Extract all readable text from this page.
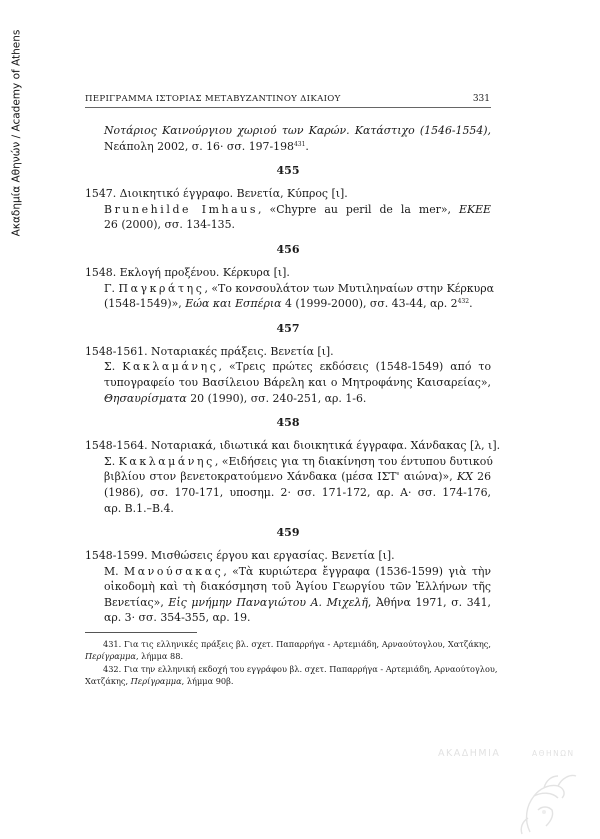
Ακαδημία Αθηνών / Academy of Athens	ΠΕΡΙΓΡΑΜΜΑ ΙΣΤΟΡΙΑΣ ΜΕΤΑΒΥΖΑΝΤΙΝΟΥ ΔΙΚΑΙΟΥ	331
Νοτάριος Καινούργιου χωριού των Καρών. Κατάστιχο (1546-1554),
Νεάπολη 2002, σ. 16· σσ. $197-198^{431}$.
455
1547. Διοικητικό έγγραφο. Βενετία, Κύπρος [ι].
Brunehilde Imhaus, «Chypre au peril de la mer», ΕΚΕΕ
26 (2000), σσ. 134-135.
456
1548. Εκλογή προξένου. Κέρκυρα [ι].
Γ. Παγκράτης, «Το κονσουλάτον των Μυτιληναίων στην Κέρκυρα
(1548-1549)», Εώα και Εσπέρια 4 (1999-2000), σσ. 43-44, αρ. $2^{432}$.
457
1548-1561. Νοταριακές πράξεις. Βενετία [ι].
Σ. Κακλαμάνης, «Τρεις πρώτες εκδόσεις (1548-1549) από το
τυπογραφείο του Βασίλειου Βάρελη και ο Μητροφάνης Καισαρείας»,
Θησαυρίσματα 20 (1990), σσ. 240-251, αρ. 1-6.
458
1548-1564. Νοταριακά, ιδιωτικά και διοικητικά έγγραφα. Χάνδακας [λ, ι].
Σ. Κακλαμάνης, «Ειδήσεις για τη διακίνηση του έντυπου δυτικού
βιβλίου στον βενετοκρατούμενο Χάνδακα (μέσα ΙΣΤ' αιώνα)», ΚΧ 26
(1986), σσ. 170-171, υποσημ. 2· σσ. 171-172, αρ. Α· σσ. 174-176,
αρ. Β.1.–Β.4.
459
1548-1599. Μισθώσεις έργου και εργασίας. Βενετία [ι].
Μ. Μανούσακας, «Τὰ κυριώτερα ἔγγραφα (1536-1599) γιὰ τὴν
οἰκοδομὴ καὶ τὴ διακόσμηση τοῦ Ἁγίου Γεωργίου τῶν Ἑλλήνων τῆς
Βενετίας», Εἰς μνήμην Παναγιώτου Α. Μιχελῆ, Ἀθήνα 1971, σ. 341,
αρ. 3· σσ. 354-355, αρ. 19.
431. Για τις ελληνικές πράξεις βλ. σχετ. Παπαρρήγα - Αρτεμιάδη, Αρναούτογλου, Χατζάκης,
Περίγραμμα, λήμμα 88.
432. Για την ελληνική εκδοχή του εγγράφου βλ. σχετ. Παπαρρήγα - Αρτεμιάδη, Αρναούτογλου,
Χατζάκης, Περίγραμμα, λήμμα 90β.
ΑΚΑΔΗΜΙΑ	ΑΘΗΝΩΝ
